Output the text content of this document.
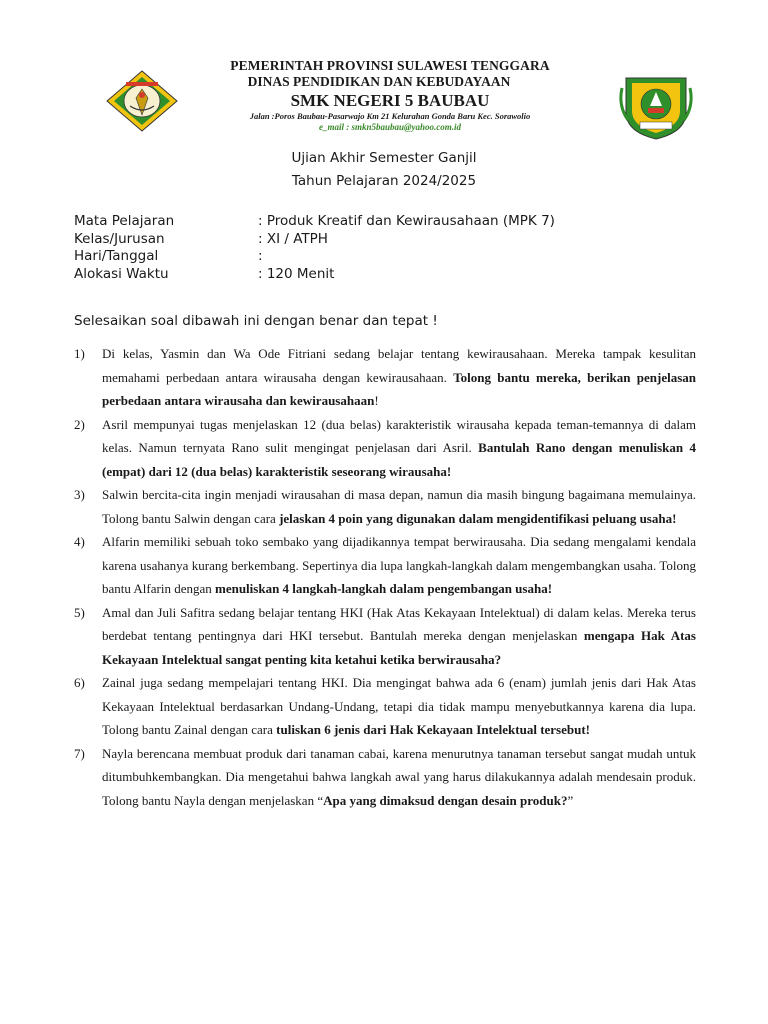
PEMERINTAH PROVINSI SULAWESI TENGGARA
DINAS PENDIDIKAN DAN KEBUDAYAAN
SMK NEGERI 5 BAUBAU
Jalan :Poros Baubau-Pasarwajo Km 21 Kelurahan Gonda Baru Kec. Sorawolio
e_mail : smkn5baubau@yahoo.com.id
Ujian Akhir Semester Ganjil
Tahun Pelajaran 2024/2025
Mata Pelajaran	: Produk Kreatif dan Kewirausahaan (MPK 7)
Kelas/Jurusan	: XI / ATPH
Hari/Tanggal	:
Alokasi Waktu	: 120 Menit
Selesaikan soal dibawah ini dengan benar dan tepat !
1)	Di kelas, Yasmin dan Wa Ode Fitriani sedang belajar tentang kewirausahaan. Mereka tampak kesulitan memahami perbedaan antara wirausaha dengan kewirausahaan. Tolong bantu mereka, berikan penjelasan perbedaan antara wirausaha dan kewirausahaan!
2)	Asril mempunyai tugas menjelaskan 12 (dua belas) karakteristik wirausaha kepada teman-temannya di dalam kelas. Namun ternyata Rano sulit mengingat penjelasan dari Asril. Bantulah Rano dengan menuliskan 4 (empat) dari 12 (dua belas) karakteristik seseorang wirausaha!
3)	Salwin bercita-cita ingin menjadi wirausahan di masa depan, namun dia masih bingung bagaimana memulainya. Tolong bantu Salwin dengan cara jelaskan 4 poin yang digunakan dalam mengidentifikasi peluang usaha!
4)	Alfarin memiliki sebuah toko sembako yang dijadikannya tempat berwirausaha. Dia sedang mengalami kendala karena usahanya kurang berkembang. Sepertinya dia lupa langkah-langkah dalam mengembangkan usaha. Tolong bantu Alfarin dengan menuliskan 4 langkah-langkah dalam pengembangan usaha!
5)	Amal dan Juli Safitra sedang belajar tentang HKI (Hak Atas Kekayaan Intelektual) di dalam kelas. Mereka terus berdebat tentang pentingnya dari HKI tersebut. Bantulah mereka dengan menjelaskan mengapa Hak Atas Kekayaan Intelektual sangat penting kita ketahui ketika berwirausaha?
6)	Zainal juga sedang mempelajari tentang HKI. Dia mengingat bahwa ada 6 (enam) jumlah jenis dari Hak Atas Kekayaan Intelektual berdasarkan Undang-Undang, tetapi dia tidak mampu menyebutkannya karena dia lupa. Tolong bantu Zainal dengan cara tuliskan 6 jenis dari Hak Kekayaan Intelektual tersebut!
7)	Nayla berencana membuat produk dari tanaman cabai, karena menurutnya tanaman tersebut sangat mudah untuk ditumbuhkembangkan. Dia mengetahui bahwa langkah awal yang harus dilakukannya adalah mendesain produk. Tolong bantu Nayla dengan menjelaskan “Apa yang dimaksud dengan desain produk?”
